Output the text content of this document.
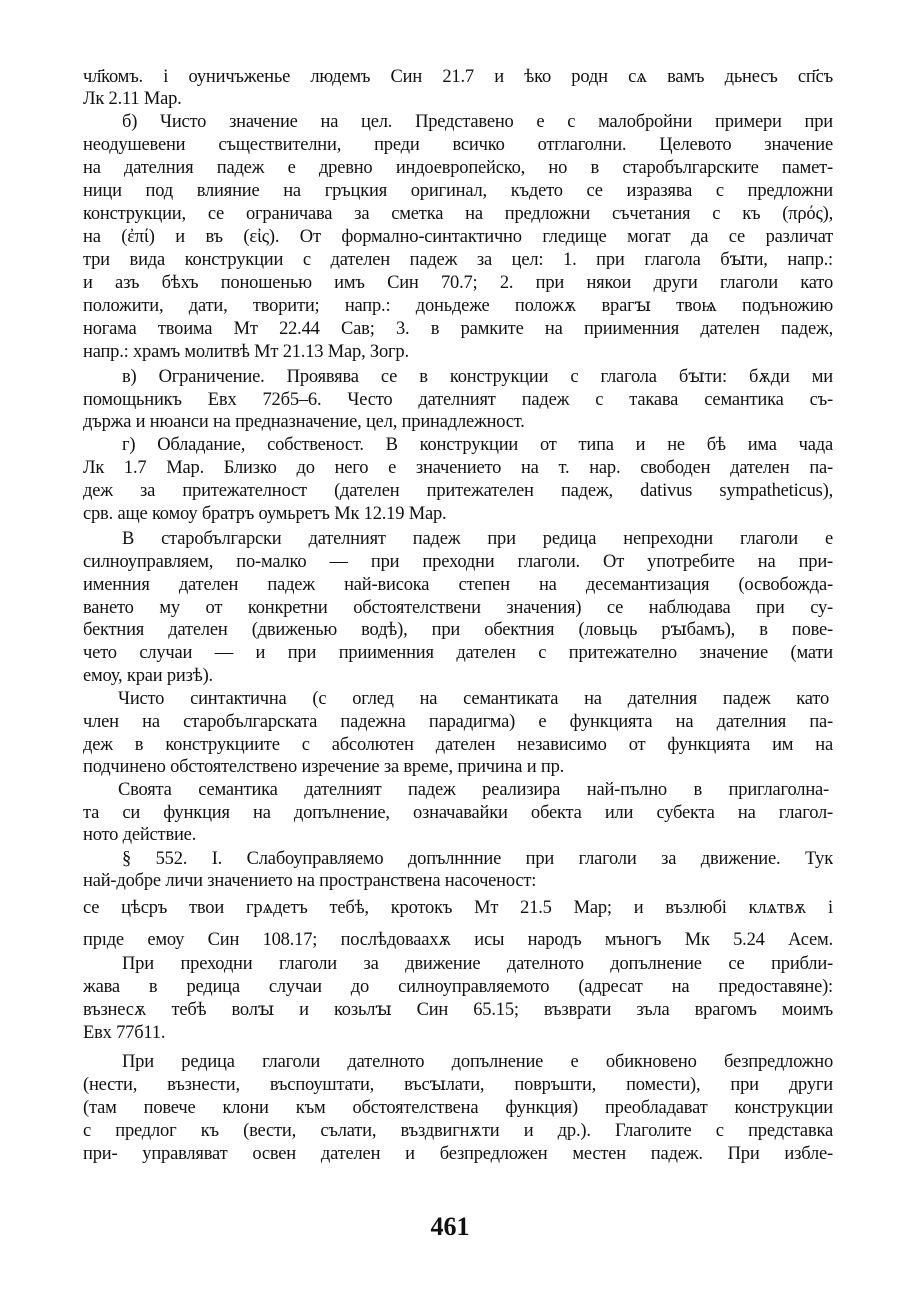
чл҃комъ. і оуничъженье людемъ Син 21.7 и ѣко родн сѧ вамъ дьнесъ сп҃съ
Лк 2.11 Мар.
б) Чисто значение на цел. Представено е с малобройни примери при
неодушевени съществителни, преди всичко отглаголни. Целевото значение
на дателния падеж е древно индоевропейско, но в старобългарските памет-
ници под влияние на гръцкия оригинал, където се изразява с предложни
конструкции, се ограничава за сметка на предложни съчетания с къ (πρός),
на (ἐπί) и въ (εἰς). От формално-синтактично гледище могат да се различат
три вида конструкции с дателен падеж за цел: 1. при глагола бꙑти, напр.:
и азъ бѣхъ поношенью имъ Син 70.7; 2. при някои други глаголи като
положити, дати, творити; напр.: доньдеже положѫ врагꙑ твоѩ подъножию
ногама твоима Мт 22.44 Сав; 3. в рамките на приименния дателен падеж,
напр.: храмъ молитвѣ Мт 21.13 Мар, Зогр.
в) Ограничение. Проявява се в конструкции с глагола бꙑти: бѫди ми
помощьникъ Евх 72б5–6. Често дателният падеж с такава семантика съ-
държа и нюанси на предназначение, цел, принадлежност.
г) Обладание, собственост. В конструкции от типа и не бѣ има чада
Лк 1.7 Мар. Близко до него е значението на т. нар. свободен дателен па-
деж за притежателност (дателен притежателен падеж, dativus sympatheticus),
срв. аще комоу братръ оумьретъ Мк 12.19 Мар.
В старобългарски дателният падеж при редица непреходни глаголи е
силноуправляем, по-малко — при преходни глаголи. От употребите на при-
именния дателен падеж най-висока степен на десемантизация (освобожда-
ването му от конкретни обстоятелствени значения) се наблюдава при су-
бектния дателен (движенью водѣ), при обектния (ловьць рꙑбамъ), в пове-
чето случаи — и при приименния дателен с притежателно значение (мати
емоу, краи ризѣ).
Чисто синтактична (с оглед на семантиката на дателния падеж като
член на старобългарската падежна парадигма) е функцията на дателния па-
деж в конструкциите с абсолютен дателен независимо от функцията им на
подчинено обстоятелствено изречение за време, причина и пр.
Своята семантика дателният падеж реализира най-пълно в приглаголна-
та си функция на допълнение, означавайки обекта или субекта на глагол-
ното действие.
§ 552. I. Слабоуправляемо допълннние при глаголи за движение. Тук
най-добре личи значението на пространствена насоченост:
се цѣсръ твои грѧдетъ тебѣ, кротокъ Мт 21.5 Мар; и възлюбі клѧтвѫ і
прıде емоу Син 108.17; послѣдоваахѫ исы народъ мъногъ Мк 5.24 Асем.
При преходни глаголи за движение дателното допълнение се прибли-
жава в редица случаи до силноуправляемото (адресат на предоставяне):
възнесѫ тебѣ волꙑ и козьлꙑ Син 65.15; възврати зъла врагомъ моимъ
Евх 77б11.
При редица глаголи дателното допълнение е обикновено безпредложно
(нести, възнести, въспоуштати, въсꙑлати, повръшти, помести), при други
(там повече клони към обстоятелствена функция) преобладават конструкции
с предлог къ (вести, сълати, въздвигнѫти и др.). Глаголите с представка
при- управляват освен дателен и безпредложен местен падеж. При избле-
461
